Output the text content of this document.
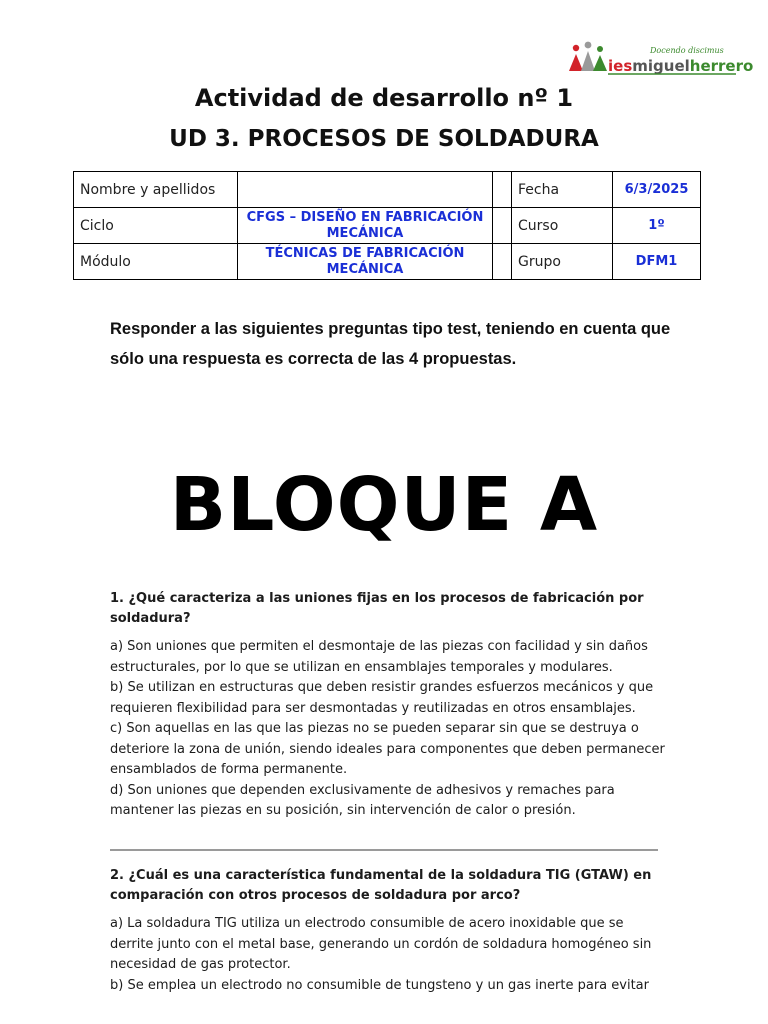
Docendo discimus
iesmiguelherrero
Actividad de desarrollo nº 1
UD 3. PROCESOS DE SOLDADURA
Nombre y apellidos			Fecha	6/3/2025
Ciclo	CFGS – DISEÑO EN FABRICACIÓN MECÁNICA		Curso	1º
Módulo	TÉCNICAS DE FABRICACIÓN MECÁNICA		Grupo	DFM1
Responder a las siguientes preguntas tipo test, teniendo en cuenta que sólo una respuesta es correcta de las 4 propuestas.
BLOQUE A

1. ¿Qué caracteriza a las uniones fijas en los procesos de fabricación por soldadura?

a) Son uniones que permiten el desmontaje de las piezas con facilidad y sin daños estructurales, por lo que se utilizan en ensamblajes temporales y modulares.

b) Se utilizan en estructuras que deben resistir grandes esfuerzos mecánicos y que requieren flexibilidad para ser desmontadas y reutilizadas en otros ensamblajes.

c) Son aquellas en las que las piezas no se pueden separar sin que se destruya o deteriore la zona de unión, siendo ideales para componentes que deben permanecer ensamblados de forma permanente.

d) Son uniones que dependen exclusivamente de adhesivos y remaches para mantener las piezas en su posición, sin intervención de calor o presión.

2. ¿Cuál es una característica fundamental de la soldadura TIG (GTAW) en comparación con otros procesos de soldadura por arco?

a) La soldadura TIG utiliza un electrodo consumible de acero inoxidable que se derrite junto con el metal base, generando un cordón de soldadura homogéneo sin necesidad de gas protector.

b) Se emplea un electrodo no consumible de tungsteno y un gas inerte para evitar
